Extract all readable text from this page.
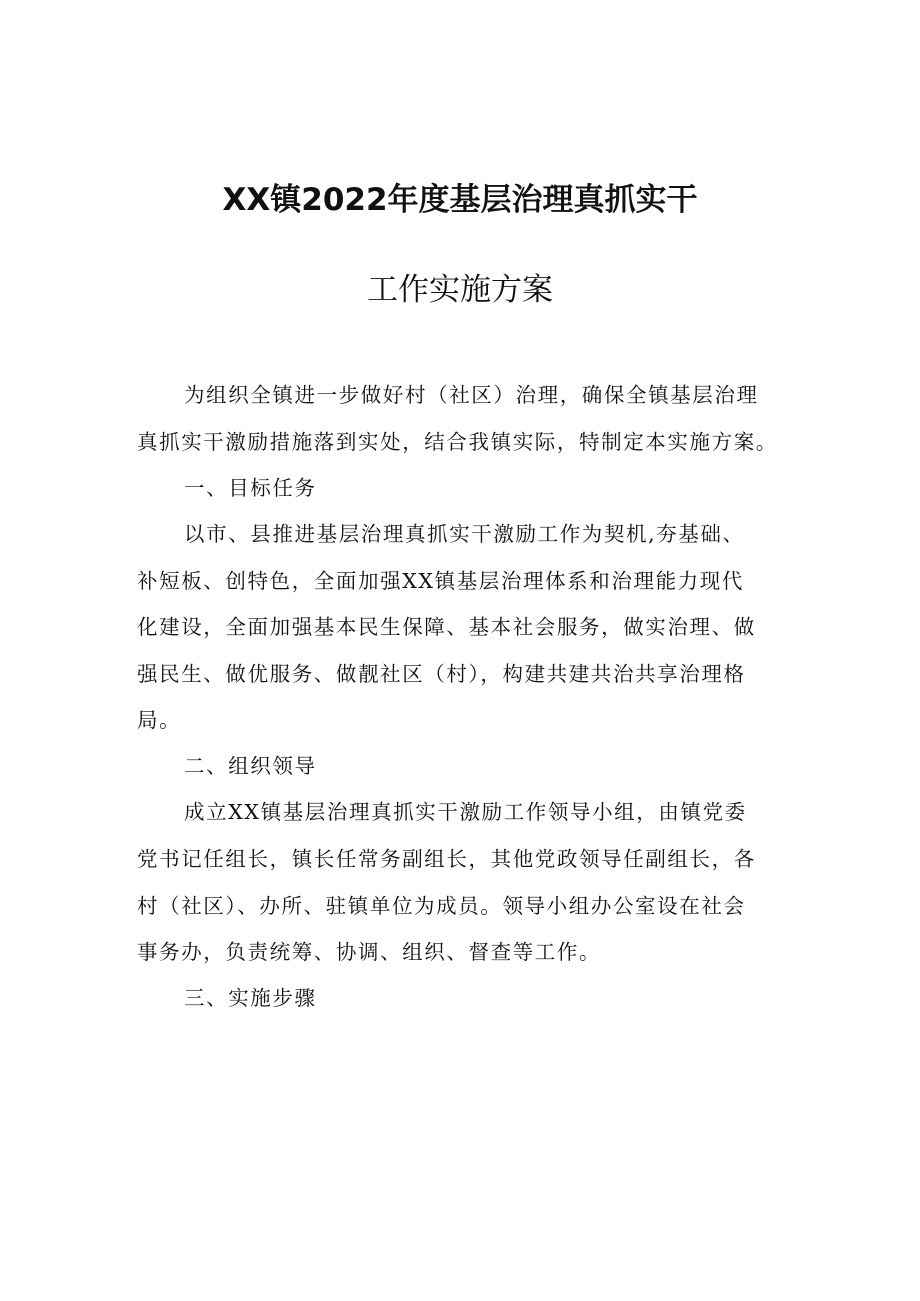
XX镇2022年度基层治理真抓实干
工作实施方案
为组织全镇进一步做好村（社区）治理，确保全镇基层治理
真抓实干激励措施落到实处，结合我镇实际，特制定本实施方案。
一、目标任务
以市、县推进基层治理真抓实干激励工作为契机,夯基础、
补短板、创特色，全面加强XX镇基层治理体系和治理能力现代
化建设，全面加强基本民生保障、基本社会服务，做实治理、做
强民生、做优服务、做靓社区（村），构建共建共治共享治理格
局。
二、组织领导
成立XX镇基层治理真抓实干激励工作领导小组，由镇党委
党书记任组长，镇长任常务副组长，其他党政领导任副组长，各
村（社区）、办所、驻镇单位为成员。领导小组办公室设在社会
事务办，负责统筹、协调、组织、督查等工作。
三、实施步骤
